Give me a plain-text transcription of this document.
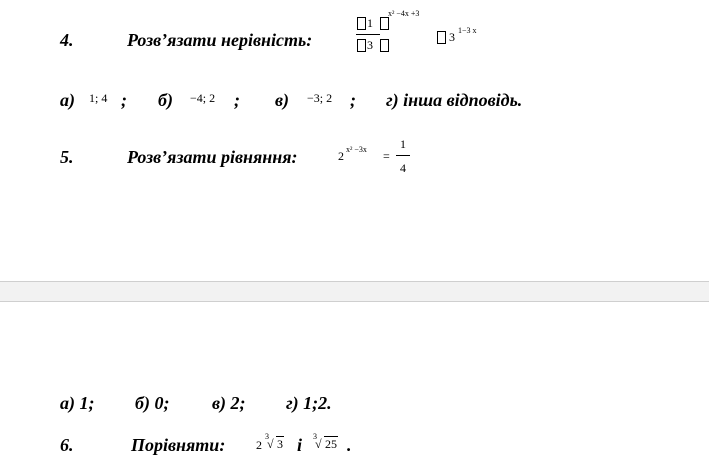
4.	Розв’язати нерівність:
1
3
x² −4x +3
3 1−3 x
а) 1; 4 ; б) −4; 2 ; в) −3; 2 ; г) інша відповідь.
5.	Розв’язати рівняння:	2 x² −3x =
1
4
а) 1; б) 0; в) 2; г) 1;2.
6.	Порівняти:	2
3
√ 3 і 3
√ 25 .
